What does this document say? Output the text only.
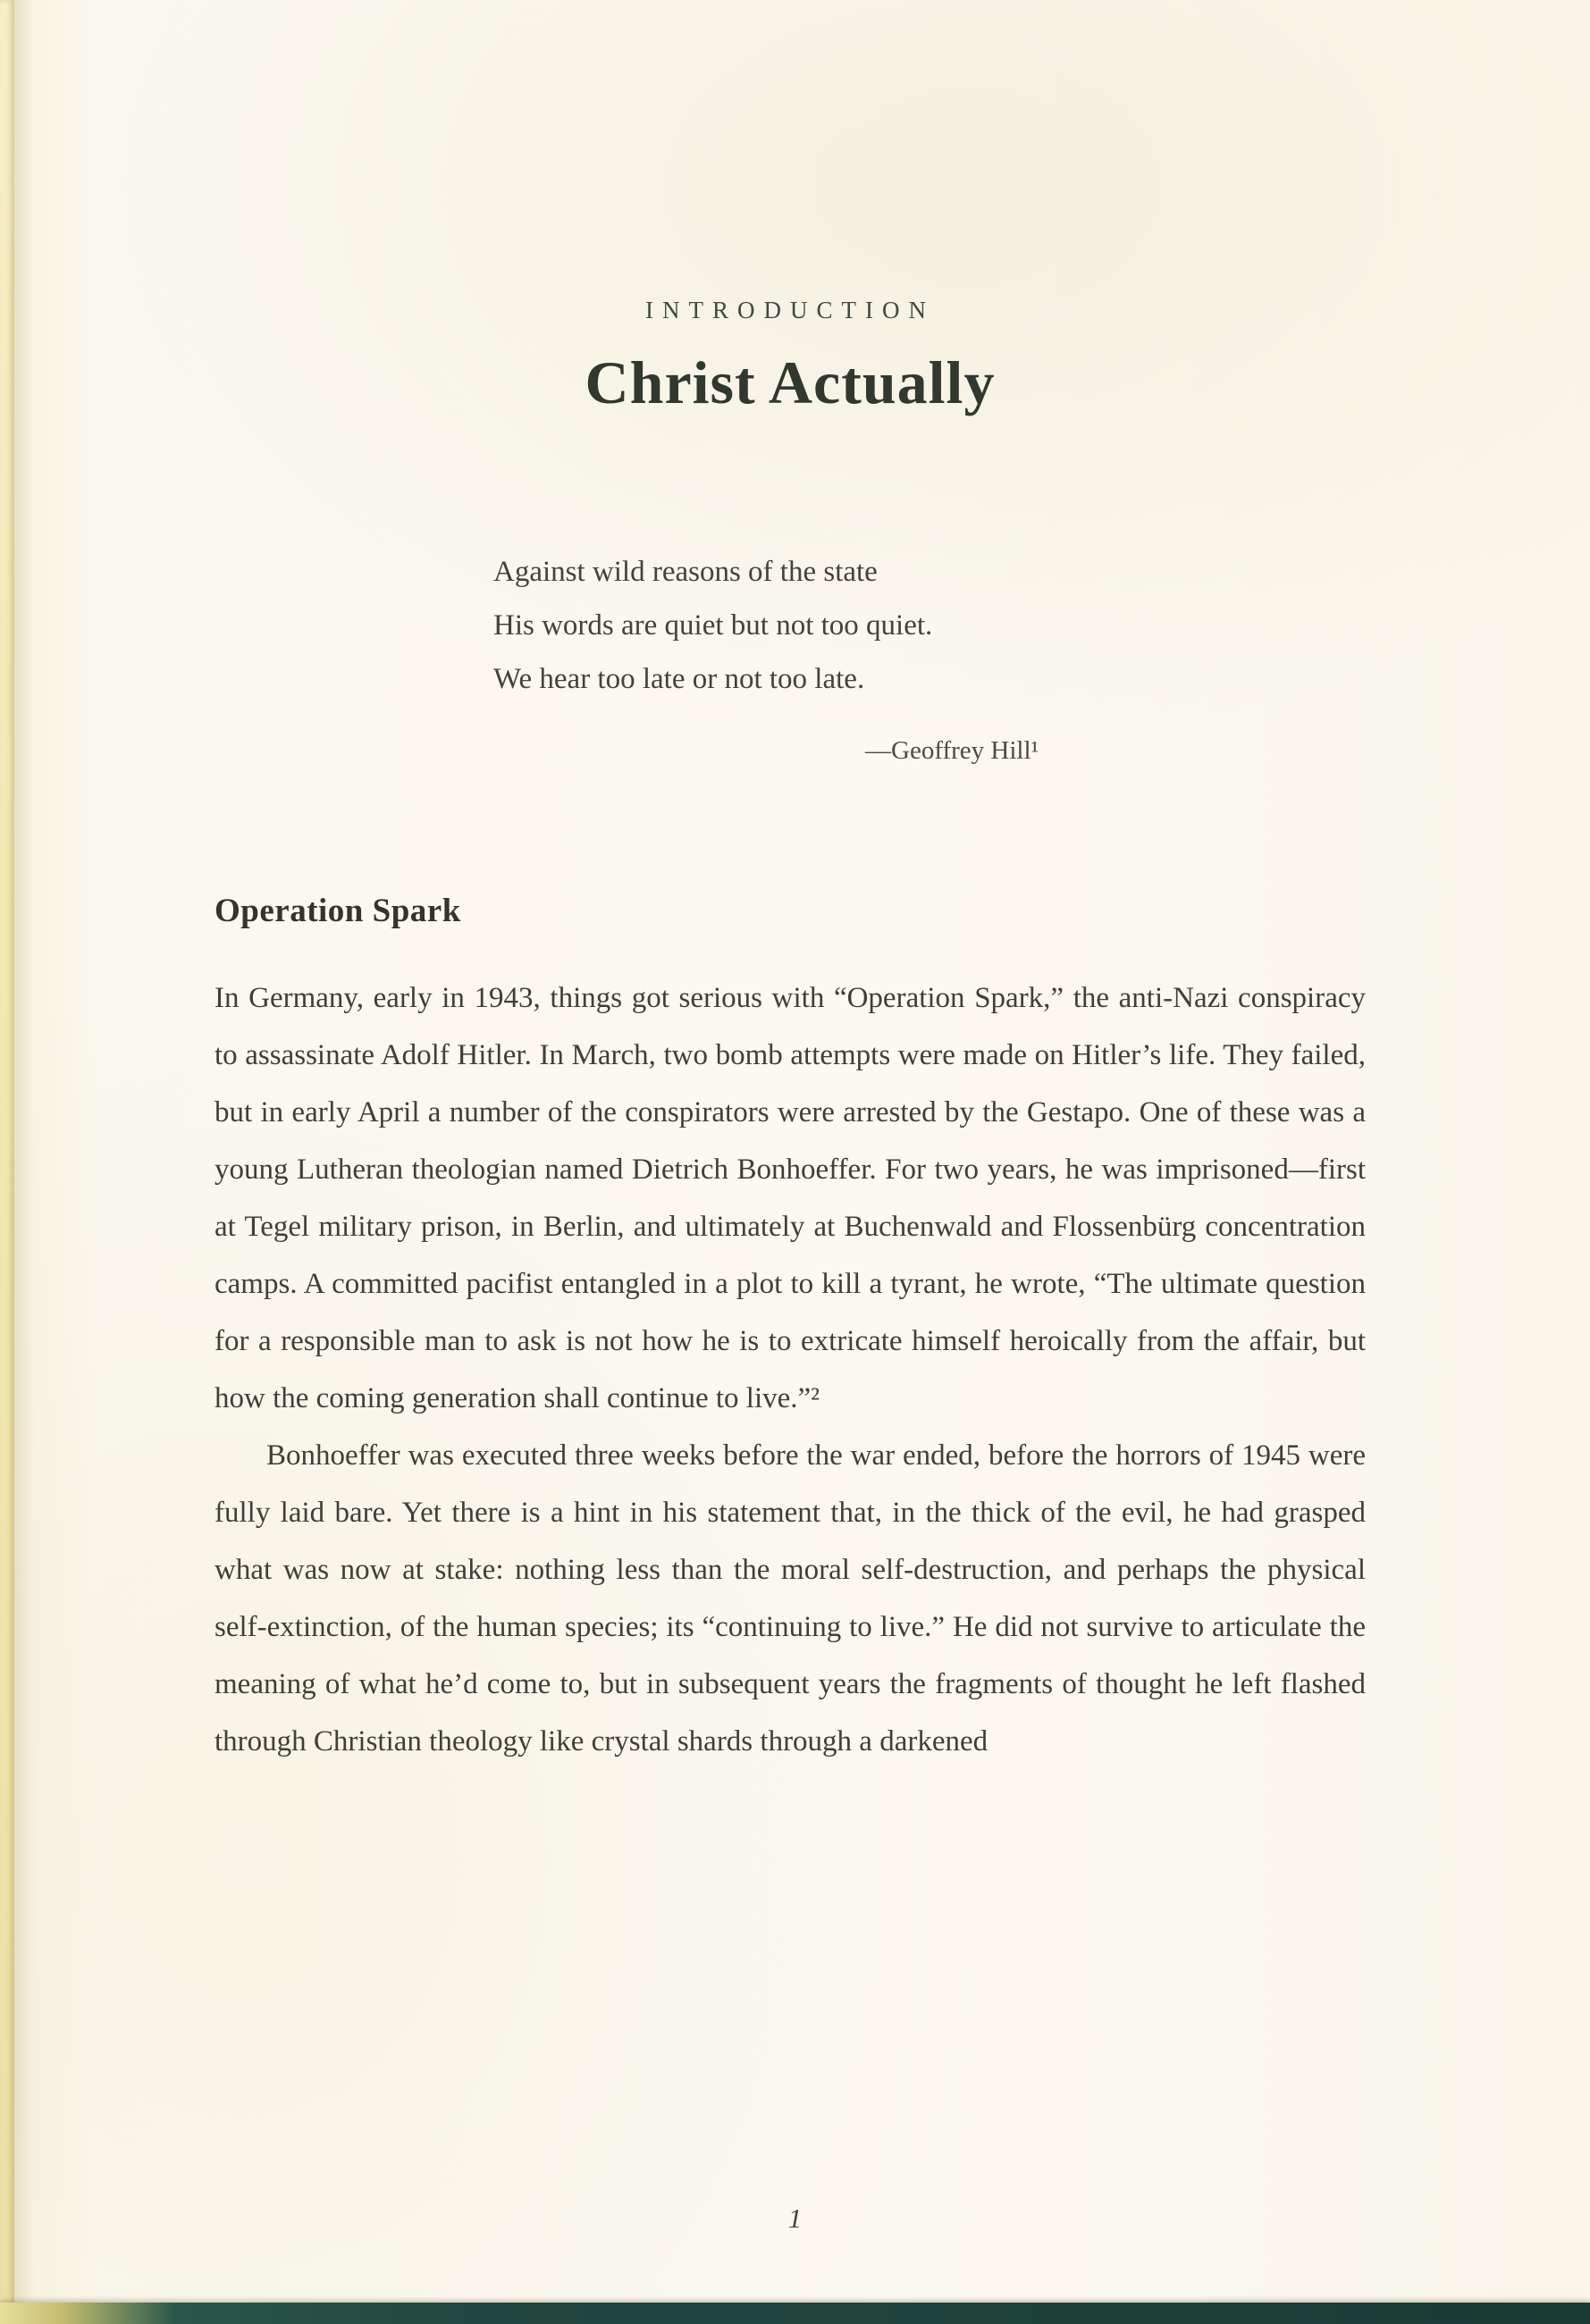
INTRODUCTION
Christ Actually
Against wild reasons of the state
His words are quiet but not too quiet.
We hear too late or not too late.
—Geoffrey Hill¹
Operation Spark

In Germany, early in 1943, things got serious with “Operation Spark,” the anti-Nazi conspiracy to assassinate Adolf Hitler. In March, two bomb attempts were made on Hitler’s life. They failed, but in early April a number of the conspirators were arrested by the Gestapo. One of these was a young Lutheran theologian named Dietrich Bonhoeffer. For two years, he was imprisoned—first at Tegel military prison, in Berlin, and ultimately at Buchenwald and Flossenbürg concentration camps. A committed pacifist entangled in a plot to kill a tyrant, he wrote, “The ultimate question for a responsible man to ask is not how he is to extricate himself heroically from the affair, but how the coming generation shall continue to live.”²

Bonhoeffer was executed three weeks before the war ended, before the horrors of 1945 were fully laid bare. Yet there is a hint in his statement that, in the thick of the evil, he had grasped what was now at stake: nothing less than the moral self-destruction, and perhaps the physical self-extinction, of the human species; its “continuing to live.” He did not survive to articulate the meaning of what he’d come to, but in subsequent years the fragments of thought he left flashed through Christian theology like crystal shards through a darkened

1
